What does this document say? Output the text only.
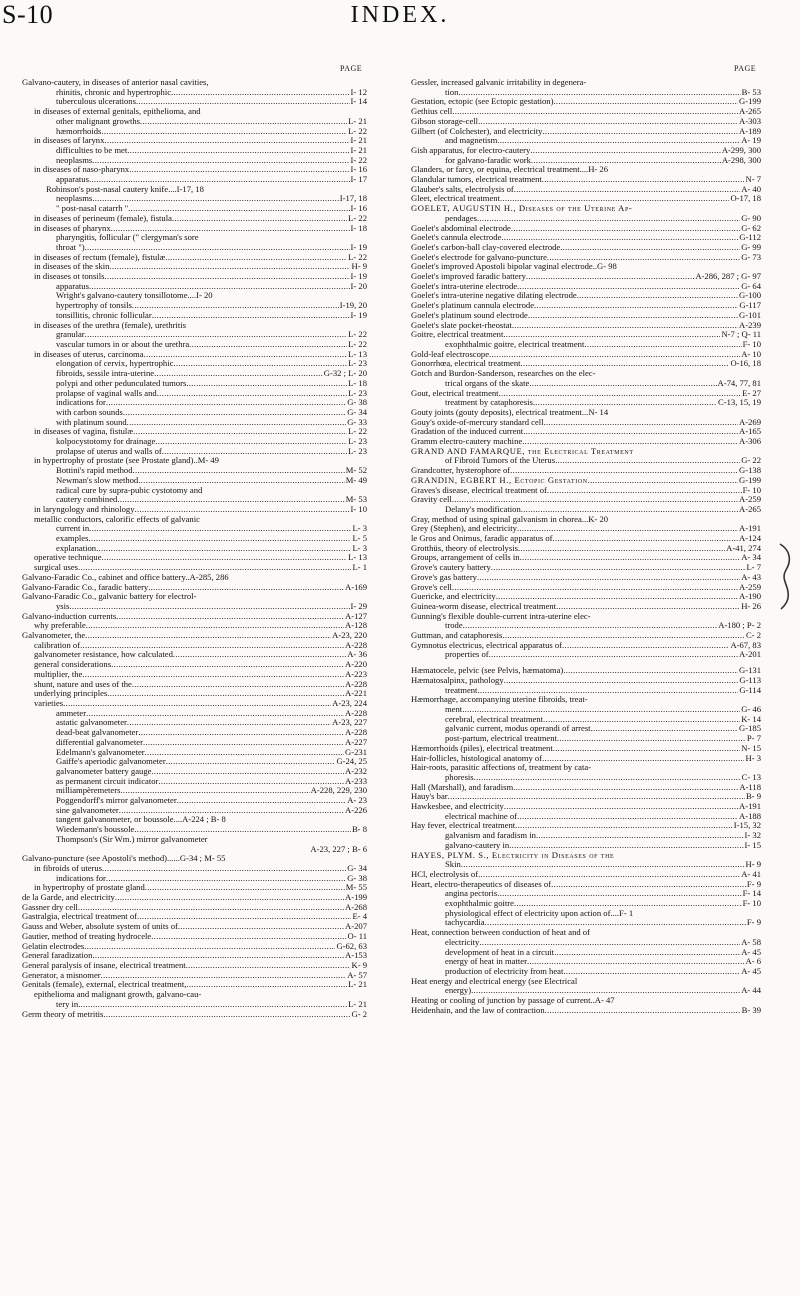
S-10	INDEX.
PAGE	PAGE
Galvano-cautery, in diseases of anterior nasal cavities,
rhinitis, chronic and hypertrophic .....	I- 12
tuberculous ulcerations .....	I- 14
in diseases of external genitals, epithelioma, and
other malignant growths .....	L- 21
hæmorrhoids .....	L- 22
in diseases of larynx .....	I- 21
difficulties to be met .....	I- 21
neoplasms .....	I- 22
in diseases of naso-pharynx .....	I- 16
apparatus .....	I- 17
Robinson's post-nasal cautery knife....I-17, 18
neoplasms .....	I-17, 18
" post-nasal catarrh " .....	I- 16
in diseases of perineum (female), fistula .....	L- 22
in diseases of pharynx .....	I- 18
pharyngitis, follicular (" clergyman's sore
throat ") .....	I- 19
in diseases of rectum (female), fistulæ .....	L- 22
in diseases of the skin .....	H- 9
in diseases ot tonsils .....	I- 19
apparatus .....	I- 20
Wright's galvano-cautery tonsillotome....I- 20
hypertrophy of tonsils .....	I-19, 20
tonsillitis, chronic follicular .....	I- 19
in diseases of the urethra (female), urethritis
granular .....	L- 22
vascular tumors in or about the urethra .....	L- 22
in diseases of uterus, carcinoma .....	L- 13
elongation of cervix, hypertrophic .....	L- 23
fibroids, sessile intra-uterine .....	G-32 ; L- 20
polypi and other pedunculated tumors .....	L- 18
prolapse of vaginal walls and .....	L- 23
indications for .....	G- 38
with carbon sounds .....	G- 34
with platinum sound .....	G- 33
in diseases of vagina, fistulæ .....	L- 22
kolpocystotomy for drainage .....	L- 23
prolapse of uterus and walls of .....	L- 23
in hypertrophy of prostate (see Prostate gland)..M- 49
Bottini's rapid method .....	M- 52
Newman's slow method .....	M- 49
radical cure by supra-pubic cystotomy and
cautery combined .....	M- 53
in laryngology and rhinology .....	I- 10
metallic conductors, calorific effects of galvanic
current in .....	L- 3
examples .....	L- 5
explanation .....	L- 3
operative technique .....	L- 13
surgical uses .....	L- 1
Galvano-Faradic Co., cabinet and office battery..A-285, 286
Galvano-Faradic Co., faradic battery .....	A-169
Galvano-Faradic Co., galvanic battery for electrol-
ysis .....	I- 29
Galvano-induction currents .....	A-127
why preferable .....	A-128
Galvanometer, the .....	A-23, 220
calibration of .....	A-228
galvanometer resistance, how calculated .....	A- 36
general considerations .....	A-220
multiplier, the .....	A-223
shunt, nature and uses of the .....	A-228
underlying principles .....	A-221
varieties .....	A-23, 224
ammeter .....	A-228
astatic galvanometer .....	A-23, 227
dead-beat galvanometer .....	A-228
differential galvanometer .....	A-227
Edelmann's galvanometer .....	G-231
Gaiffe's aperiodic galvanometer .....	G-24, 25
galvanometer battery gauge .....	A-232
as permanent circuit indicator .....	A-233
milliampèremeters .....	A-228, 229, 230
Poggendorff's mirror galvanometer .....	A- 23
sine galvanometer .....	A-226
tangent galvanometer, or boussole....A-224 ; B- 8
Wiedemann's boussole .....	B- 8
Thompson's (Sir Wm.) mirror galvanometer
A-23, 227 ; B- 6
Galvano-puncture (see Apostoli's method)......G-34 ; M- 55
in fibroids of uterus .....	G- 34
indications for .....	G- 38
in hypertrophy of prostate gland .....	M- 55
de la Garde, and electricity .....	A-199
Gassner dry cell .....	A-268
Gastralgia, electrical treatment of .....	E- 4
Gauss and Weber, absolute system of units of .....	A-207
Gautier, method of treating hydrocele .....	O- 11
Gelatin electrodes .....	G-62, 63
General faradization .....	A-153
General paralysis of insane, electrical treatment .....	K- 9
Generator, a misnomer .....	A- 57
Genitals (female), external, electrical treatment, .....	L- 21
epithelioma and malignant growth, galvano-cau-
tery in .....	L- 21
Germ theory of metritis .....	G- 2
Gessler, increased galvanic irritability in degenera-
tion .....	B- 53
Gestation, ectopic (see Ectopic gestation) .....	G-199
Gethius cell .....	A-265
Gibson storage-cell .....	A-303
Gilbert (of Colchester), and electricity .....	A-189
and magnetism .....	A- 19
Gish apparatus, for electro-cautery .....	A-299, 300
for galvano-faradic work .....	A-298, 300
Glanders, or farcy, or equina, electrical treatment....H- 26
Glandular tumors, electrical treatment .....	N- 7
Glauber's salts, electrolysis of .....	A- 40
Gleet, electrical treatment .....	O-17, 18
GOELET, AUGUSTIN H., Diseases of the Uterine Ap-
pendages .....	G- 90
Goelet's abdominal electrode .....	G- 62
Goelet's cannula electrode .....	G-112
Goelet's carbon-ball clay-covered electrode .....	G- 99
Goelet's electrode for galvano-puncture .....	G- 73
Goelet's improved Apostoli bipolar vaginal electrode..G- 98
Goelet's improved faradic battery .....	A-286, 287 ; G- 97
Goelet's intra-uterine electrode .....	G- 64
Goelet's intra-uterine negative dilating electrode .....	G-100
Goelet's platinum cannula electrode .....	G-117
Goelet's platinum sound electrode .....	G-101
Goelet's slate pocket-rheostat .....	A-239
Goitre, electrical treatment .....	N-7 ; Q- 11
exophthalmic goitre, electrical treatment .....	F- 10
Gold-leaf electroscope .....	A- 10
Gonorrhœa, electrical treatment .....	O-16, 18
Gotch and Burdon-Sanderson, researches on the elec-
trical organs of the skate .....	A-74, 77, 81
Gout, electrical treatment .....	E- 27
treatment by cataphoresis .....	C-13, 15, 19
Gouty joints (gouty deposits), electrical treatment...N- 14
Gouy's oxide-of-mercury standard cell .....	A-269
Gradation of the induced current .....	A-165
Gramm electro-cautery machine .....	A-306
GRAND AND FAMARQUE, the Electrical Treatment
of Fibroid Tumors of the Uterus .....	G- 22
Grandcotter, hysterophore of .....	G-138
GRANDIN, EGBERT H., Ectopic Gestation .....	G-199
Graves's disease, electrical treatment of .....	F- 10
Gravity cell .....	A-259
Delany's modification .....	A-265
Gray, method of using spinal galvanism in chorea...K- 20
Grey (Stephen), and electricity .....	A-191
le Gros and Onimus, faradic apparatus of .....	A-124
Grotthüs, theory of electrolysis .....	A-41, 274
Groups, arrangement of cells in .....	A- 34
Grove's cautery battery .....	L- 7
Grove's gas battery .....	A- 43
Grove's cell .....	A-259
Guericke, and electricity .....	A-190
Guinea-worm disease, electrical treatment .....	H- 26
Gunning's flexible double-current intra-uterine elec-
trode .....	A-180 ; P- 2
Guttman, and cataphoresis .....	C- 2
Gymnotus electricus, electrical apparatus of .....	A-67, 83
properties of .....	A-201
Hæmatocele, pelvic (see Pelvis, hæmatoma) .....	G-131
Hæmatosalpinx, pathology .....	G-113
treatment .....	G-114
Hæmorrhage, accompanying uterine fibroids, treat-
ment .....	G- 46
cerebral, electrical treatment .....	K- 14
galvanic current, modus operandi of arrest .....	G-185
post-partum, electrical treatment .....	P- 7
Hæmorrhoids (piles), electrical treatment .....	N- 15
Hair-follicles, histological anatomy of .....	H- 3
Hair-roots, parasitic affections of, treatment by cata-
phoresis .....	C- 13
Hall (Marshall), and faradism .....	A-118
Hauy's bar .....	B- 9
Hawkesbee, and electricity .....	A-191
electrical machine of .....	A-188
Hay fever, electrical treatment .....	I-15, 32
galvanism and faradism in .....	I- 32
galvano-cautery in .....	I- 15
HAYES, PLYM. S., Electricity in Diseases of the
Skin .....	H- 9
HCl, electrolysis of .....	A- 41
Heart, electro-therapeutics of diseases of .....	F- 9
angina pectoris .....	F- 14
exophthalmic goitre .....	F- 10
physiological effect of electricity upon action of....F- 1
tachycardia .....	F- 9
Heat, connection between conduction of heat and of
electricity .....	A- 58
development of heat in a circuit .....	A- 45
energy of heat in matter .....	A- 6
production of electricity from heat .....	A- 45
Heat energy and electrical energy (see Electrical
energy) .....	A- 44
Heating or cooling of junction by passage of current..A- 47
Heidenhain, and the law of contraction .....	B- 39
